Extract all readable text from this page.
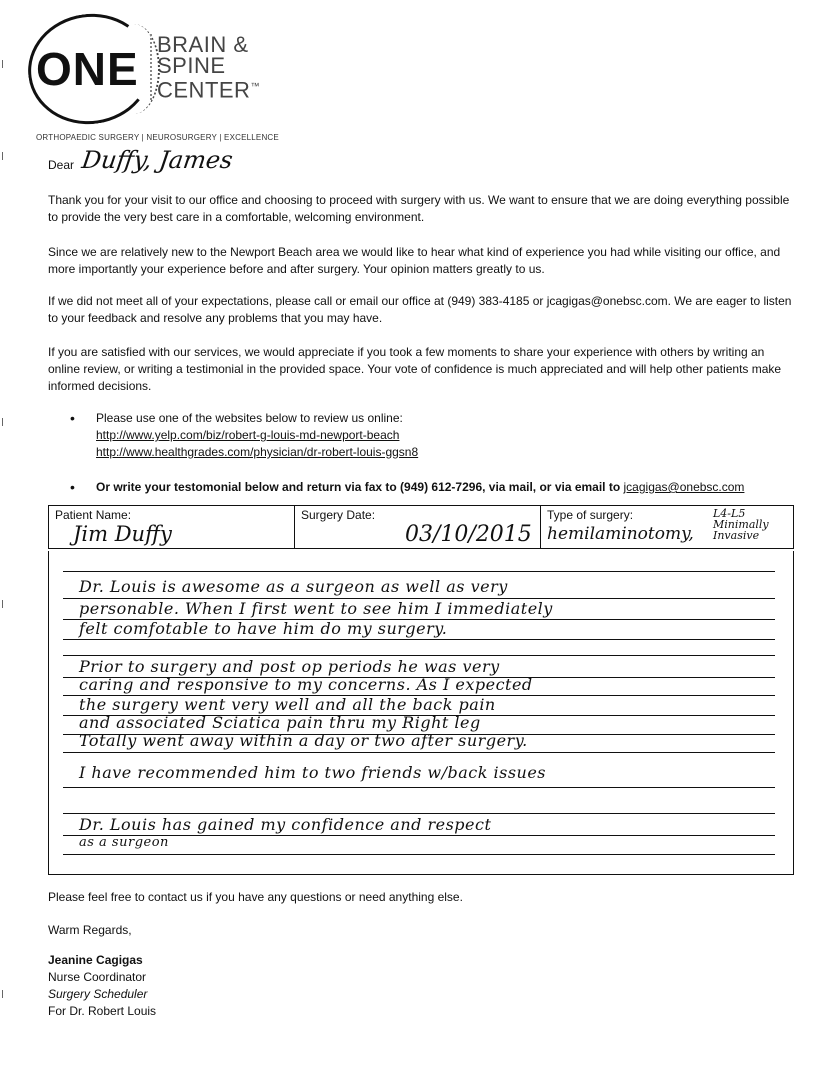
ONE BRAIN &
SPINE
CENTER™
ORTHOPAEDIC SURGERY | NEUROSURGERY | EXCELLENCE
Dear Duffy, James
Thank you for your visit to our office and choosing to proceed with surgery with us. We want to ensure that we are doing everything possible to provide the very best care in a comfortable, welcoming environment.
Since we are relatively new to the Newport Beach area we would like to hear what kind of experience you had while visiting our office, and more importantly your experience before and after surgery. Your opinion matters greatly to us.
If we did not meet all of your expectations, please call or email our office at (949) 383-4185 or jcagigas@onebsc.com. We are eager to listen to your feedback and resolve any problems that you may have.
If you are satisfied with our services, we would appreciate if you took a few moments to share your experience with others by writing an online review, or writing a testimonial in the provided space. Your vote of confidence is much appreciated and will help other patients make informed decisions.
• Please use one of the websites below to review us online:
http://www.yelp.com/biz/robert-g-louis-md-newport-beach
http://www.healthgrades.com/physician/dr-robert-louis-ggsn8
• Or write your testomonial below and return via fax to (949) 612-7296, via mail, or via email to jcagigas@onebsc.com
Patient Name:
Jim Duffy
Surgery Date:
03/10/2015
Type of surgery:
hemilaminotomy,
L4-L5
Minimally
Invasive
Dr. Louis is awesome as a surgeon as well as very
personable. When I first went to see him I immediately
felt comfotable to have him do my surgery.
Prior to surgery and post op periods he was very
caring and responsive to my concerns. As I expected
the surgery went very well and all the back pain
and associated Sciatica pain thru my Right leg
Totally went away within a day or two after surgery.
I have recommended him to two friends w/back issues
Dr. Louis has gained my confidence and respect
as a surgeon
Please feel free to contact us if you have any questions or need anything else.
Warm Regards,
Jeanine Cagigas
Nurse Coordinator
Surgery Scheduler
For Dr. Robert Louis
